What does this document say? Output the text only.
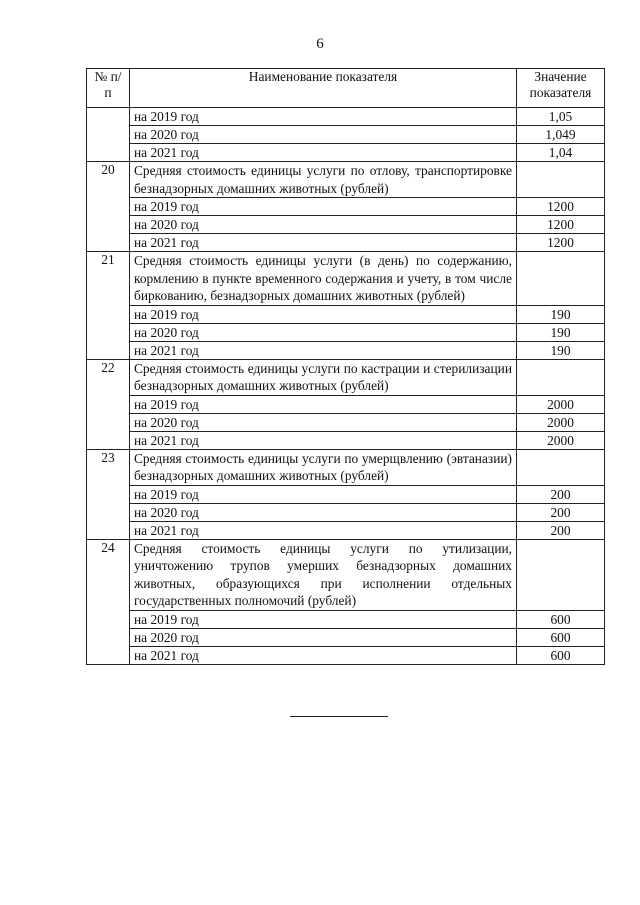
6
№ п/п	Наименование показателя	Значение показателя
	на 2019 год	1,05
	на 2020 год	1,049
	на 2021 год	1,04
20	Средняя стоимость единицы услуги по отлову, транспортировке безнадзорных домашних животных (рублей)	
	на 2019 год	1200
	на 2020 год	1200
	на 2021 год	1200
21	Средняя стоимость единицы услуги (в день) по содержанию, кормлению в пункте временного содержания и учету, в том числе биркованию, безнадзорных домашних животных (рублей)	
	на 2019 год	190
	на 2020 год	190
	на 2021 год	190
22	Средняя стоимость единицы услуги по кастрации и стерилизации безнадзорных домашних животных (рублей)	
	на 2019 год	2000
	на 2020 год	2000
	на 2021 год	2000
23	Средняя стоимость единицы услуги по умерщвлению (эвтаназии) безнадзорных домашних животных (рублей)	
	на 2019 год	200
	на 2020 год	200
	на 2021 год	200
24	Средняя стоимость единицы услуги по утилизации, уничтожению трупов умерших безнадзорных домашних животных, образующихся при исполнении отдельных государственных полномочий (рублей)	
	на 2019 год	600
	на 2020 год	600
	на 2021 год	600
